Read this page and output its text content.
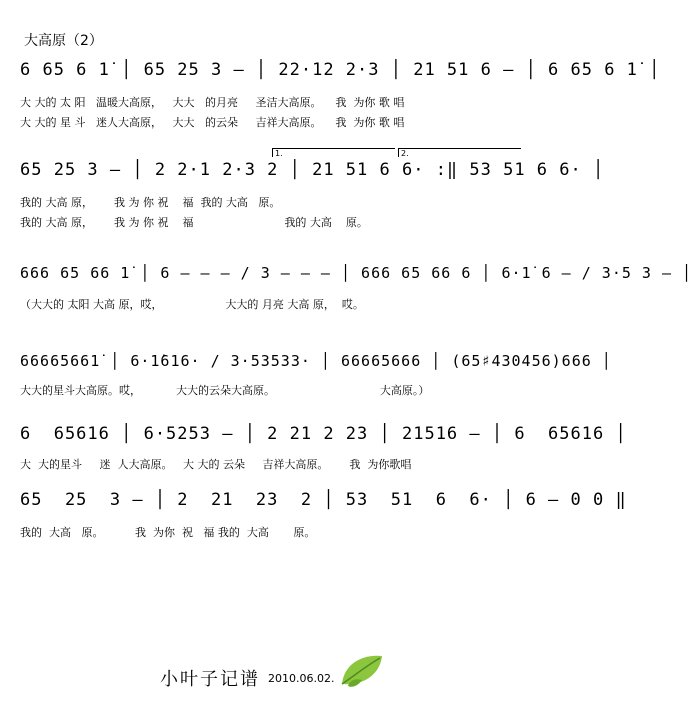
大高原（2）
6 65 6 1̇ │ 65 25 3 – │ 22·12 2·3 │ 21 51 6 – │ 6 65 6 1̇ │
大 大的 太 阳   温暖大高原，   大大   的月亮     圣洁大高原。    我  为你 歌 唱
大 大的 星 斗   迷人大高原，   大大   的云朵     吉祥大高原。    我  为你 歌 唱
1.	2.
65 25 3 – │ 2 2·1 2·3 2 │ 21 51 6 6· :‖ 53 51 6 6· │
我的 大高 原，      我 为 你 祝    福  我的 大高   原。
我的 大高 原，      我 为 你 祝    福                          我的 大高    原。
666 65 66 1̇ │ 6 – – – / 3 – – – │ 666 65 66 6 │ 6·1̇ 6 – / 3·5 3 – │
（大大的 太阳 大高 原，哎，                  大大的 月亮 大高 原，  哎。
66665661̇ │ 6·1̇616· / 3·53533· │ 66665666 │ (65♯430456)666 │
大大的星斗大高原。哎，          大大的云朵大高原。                              大高原。）
6  65616 │ 6·5253 – │ 2 21 2 23 │ 21516 – │ 6  65616 │
大  大的星斗     迷  人大高原。   大 大的 云朵     吉祥大高原。      我  为你歌唱
65  25  3 – │ 2  21  23  2 │ 53  51  6  6· │ 6 – 0 0 ‖
我的  大高   原。         我  为你  祝   福 我的  大高       原。
小叶子记谱 2010.06.02.
